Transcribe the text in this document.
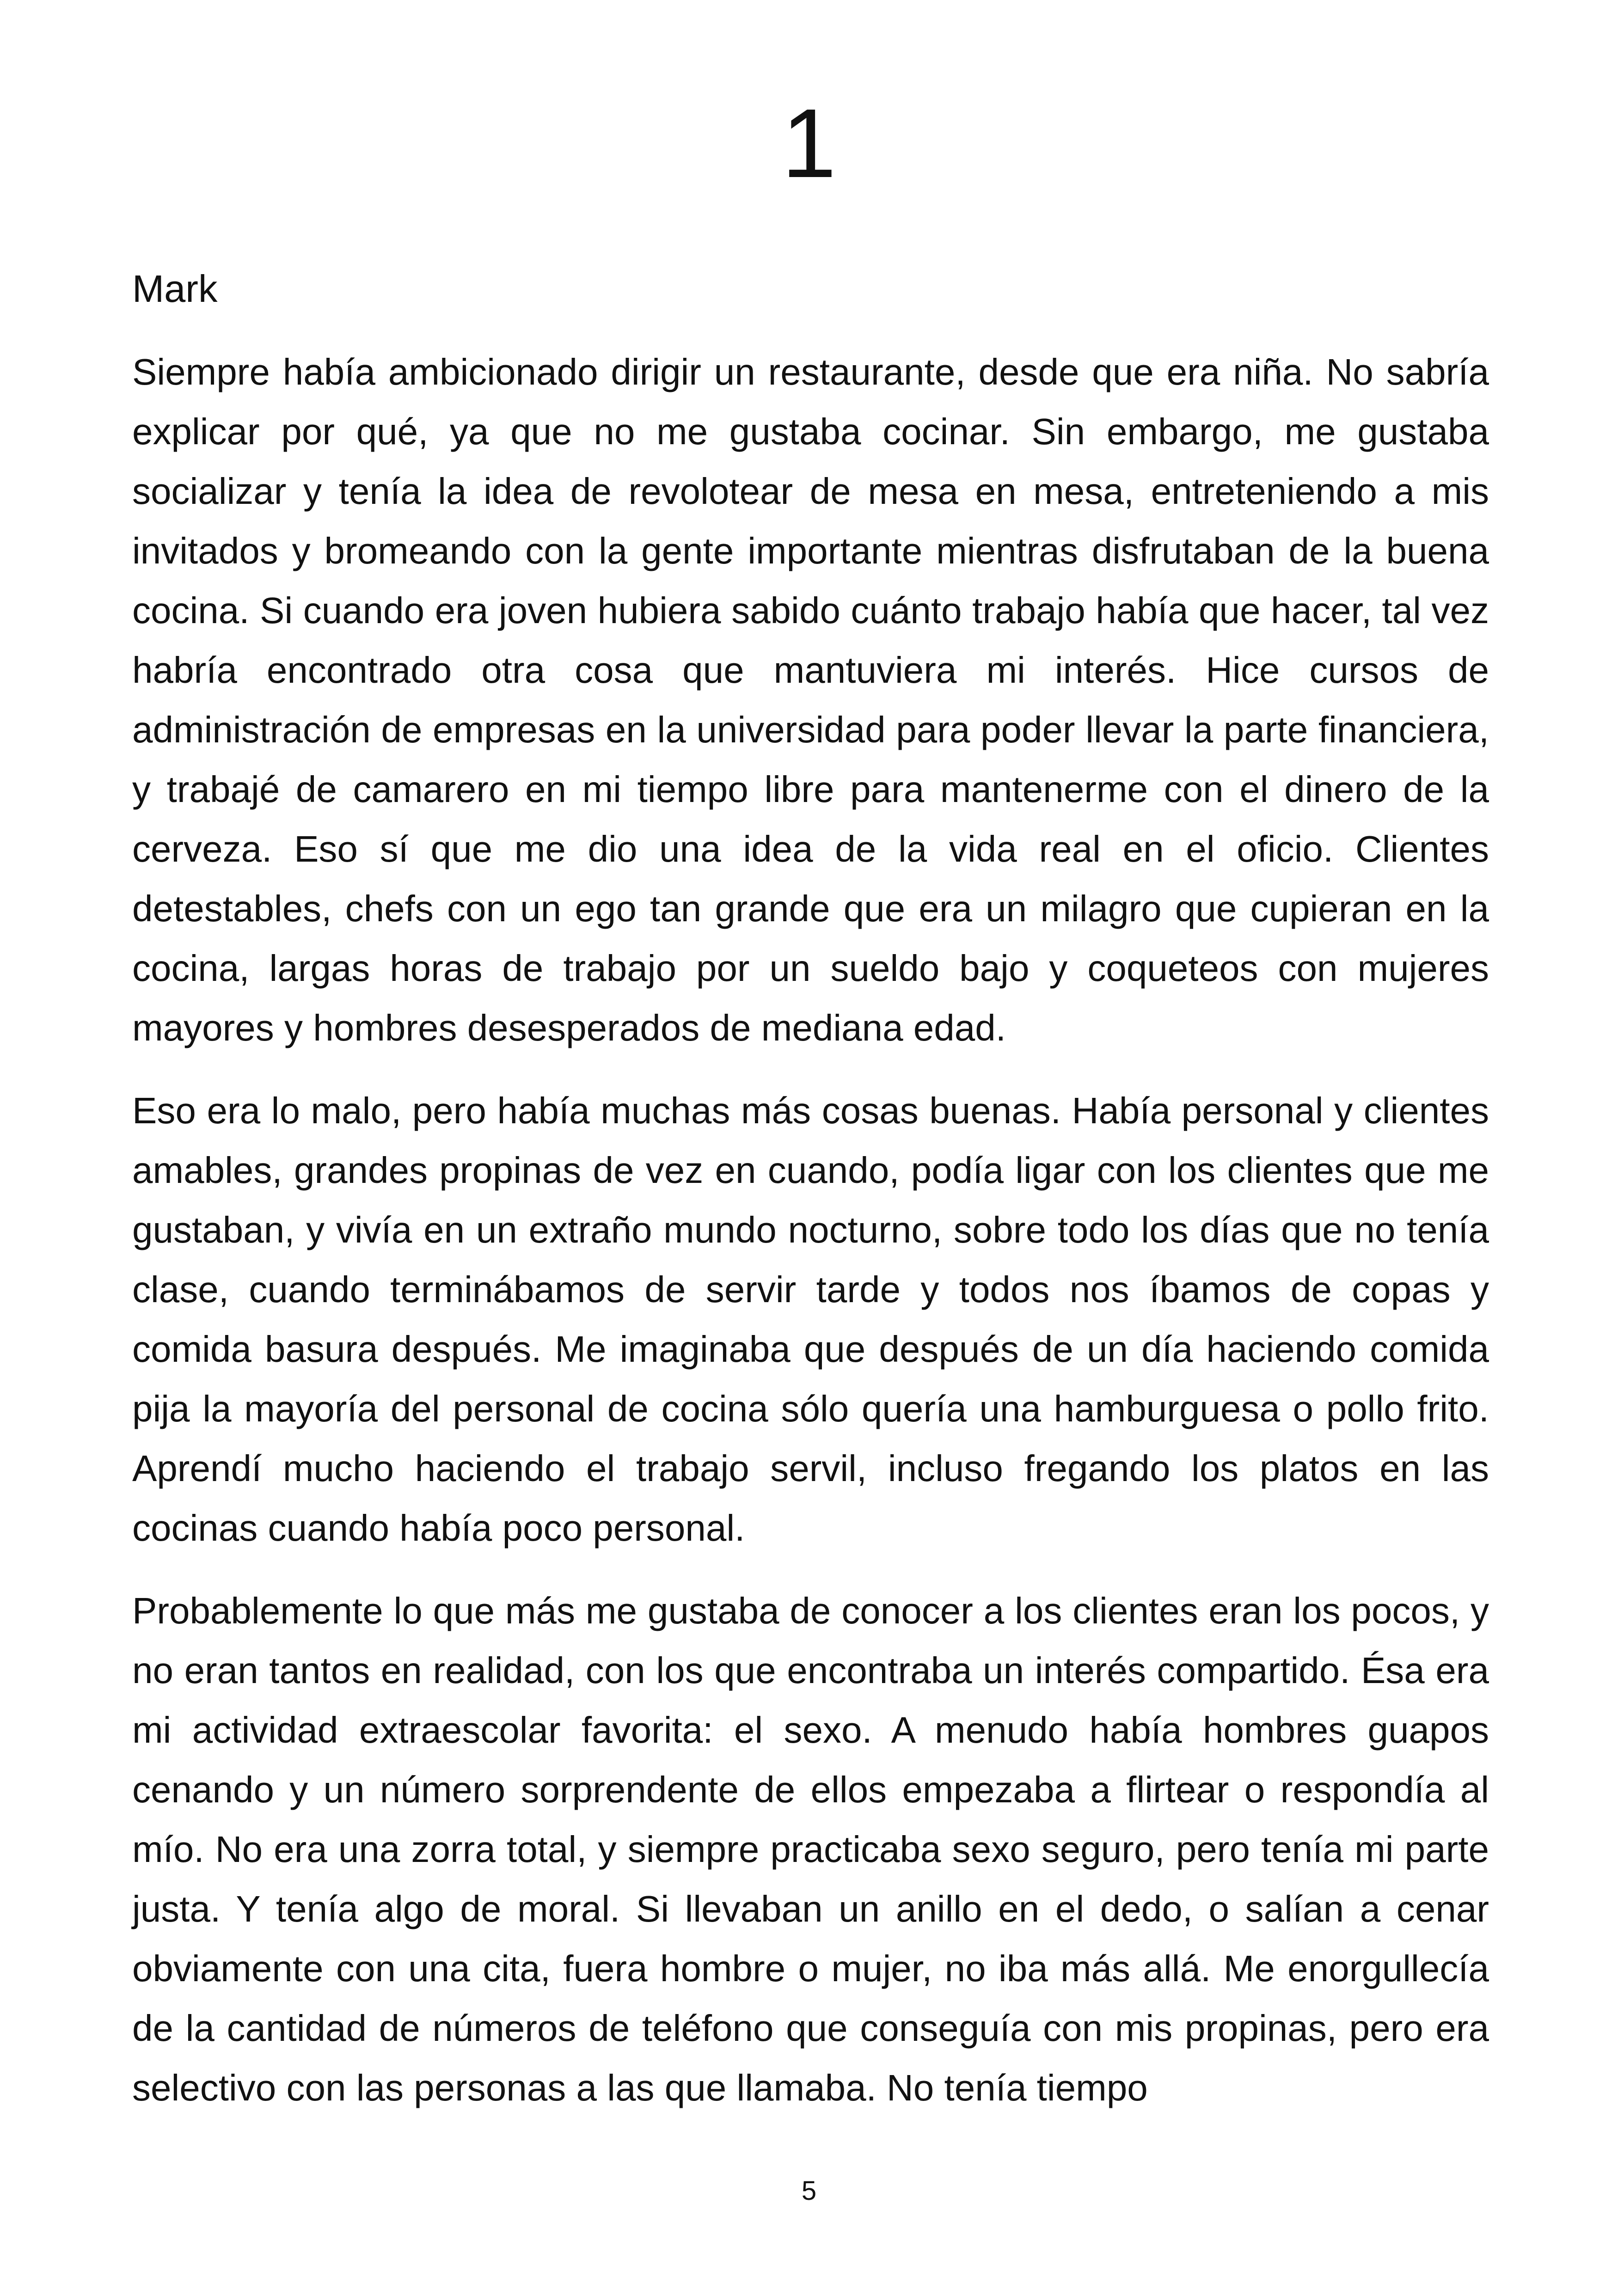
1

Mark

Siempre había ambicionado dirigir un restaurante, desde que era niña. No sabría explicar por qué, ya que no me gustaba cocinar. Sin embargo, me gustaba socializar y tenía la idea de revolotear de mesa en mesa, entreteniendo a mis invitados y bromeando con la gente importante mientras disfrutaban de la buena cocina. Si cuando era joven hubiera sabido cuánto trabajo había que hacer, tal vez habría encontrado otra cosa que mantuviera mi interés. Hice cursos de administración de empresas en la universidad para poder llevar la parte financiera, y trabajé de camarero en mi tiempo libre para mantenerme con el dinero de la cerveza. Eso sí que me dio una idea de la vida real en el oficio. Clientes detestables, chefs con un ego tan grande que era un milagro que cupieran en la cocina, largas horas de trabajo por un sueldo bajo y coqueteos con mujeres mayores y hombres desesperados de mediana edad.

Eso era lo malo, pero había muchas más cosas buenas. Había personal y clientes amables, grandes propinas de vez en cuando, podía ligar con los clientes que me gustaban, y vivía en un extraño mundo nocturno, sobre todo los días que no tenía clase, cuando terminábamos de servir tarde y todos nos íbamos de copas y comida basura después. Me imaginaba que después de un día haciendo comida pija la mayoría del personal de cocina sólo quería una hamburguesa o pollo frito. Aprendí mucho haciendo el trabajo servil, incluso fregando los platos en las cocinas cuando había poco personal.

Probablemente lo que más me gustaba de conocer a los clientes eran los pocos, y no eran tantos en realidad, con los que encontraba un interés compartido. Ésa era mi actividad extraescolar favorita: el sexo. A menudo había hombres guapos cenando y un número sorprendente de ellos empezaba a flirtear o respondía al mío. No era una zorra total, y siempre practicaba sexo seguro, pero tenía mi parte justa. Y tenía algo de moral. Si llevaban un anillo en el dedo, o salían a cenar obviamente con una cita, fuera hombre o mujer, no iba más allá. Me enorgullecía de la cantidad de números de teléfono que conseguía con mis propinas, pero era selectivo con las personas a las que llamaba. No tenía tiempo

5
